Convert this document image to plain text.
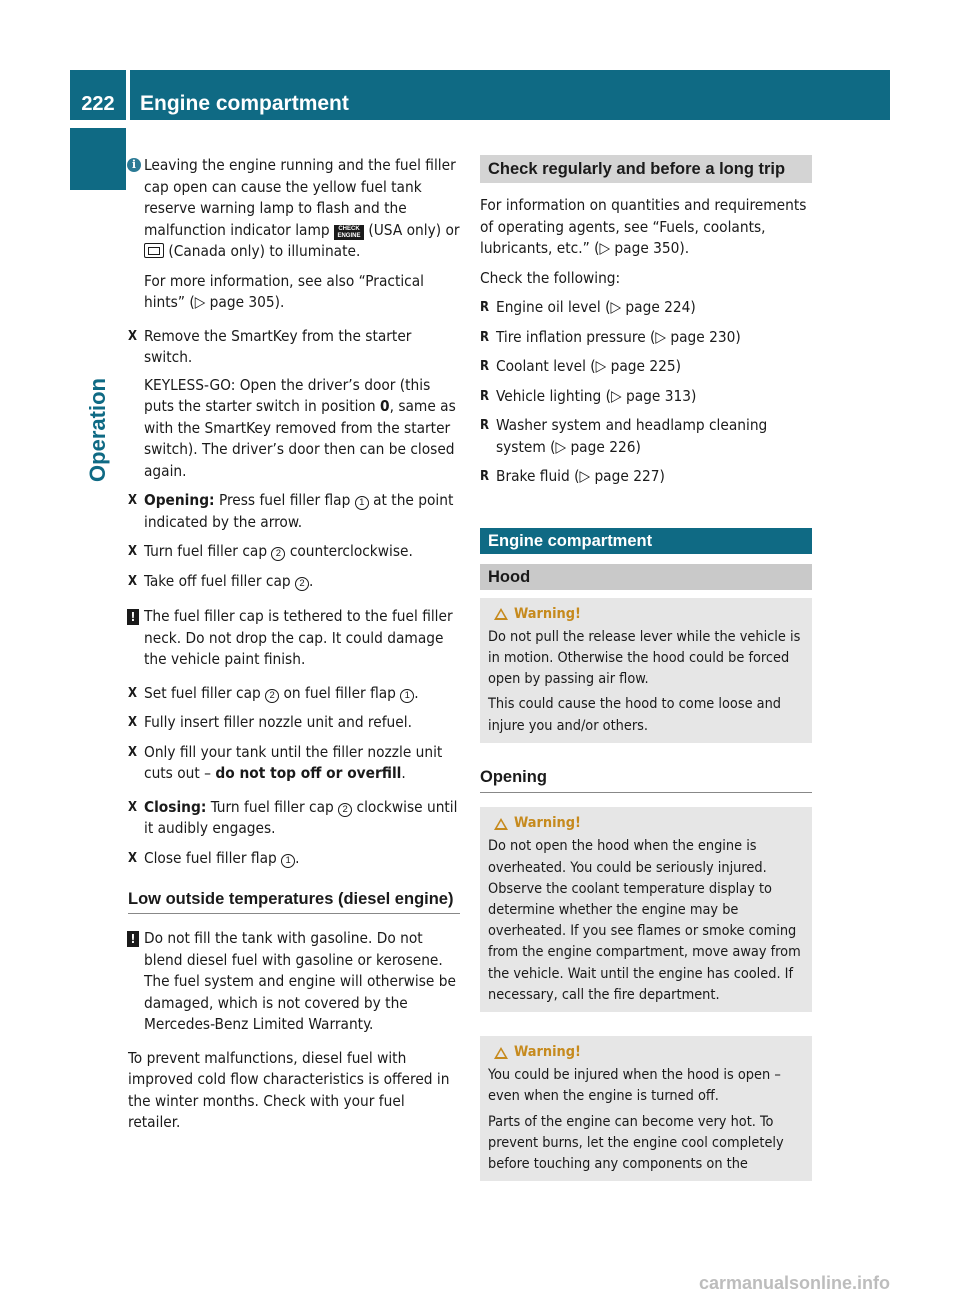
222	Engine compartment
Operation
i Leaving the engine running and the fuel filler cap open can cause the yellow fuel tank reserve warning lamp to flash and the malfunction indicator lamp CHECK ENGINE (USA only) or  (Canada only) to illuminate.

For more information, see also “Practical hints” (▷ page 305).

X Remove the SmartKey from the starter switch.

KEYLESS-GO: Open the driver’s door (this puts the starter switch in position 0, same as with the SmartKey removed from the starter switch). The driver’s door then can be closed again.

X Opening: Press fuel filler flap 1 at the point indicated by the arrow.

X Turn fuel filler cap 2 counterclockwise.

X Take off fuel filler cap 2 .

! The fuel filler cap is tethered to the fuel filler neck. Do not drop the cap. It could damage the vehicle paint finish.

X Set fuel filler cap 2 on fuel filler flap 1 .

X Fully insert filler nozzle unit and refuel.

X Only fill your tank until the filler nozzle unit cuts out – do not top off or overfill.

X Closing: Turn fuel filler cap 2 clockwise until it audibly engages.

X Close fuel filler flap 1 .

Low outside temperatures (diesel engine)
! Do not fill the tank with gasoline. Do not blend diesel fuel with gasoline or kerosene. The fuel system and engine will otherwise be damaged, which is not covered by the Mercedes-Benz Limited Warranty.

To prevent malfunctions, diesel fuel with improved cold flow characteristics is offered in the winter months. Check with your fuel retailer.

Check regularly and before a long trip

For information on quantities and requirements of operating agents, see “Fuels, coolants, lubricants, etc.” (▷ page 350).

Check the following:

R Engine oil level (▷ page 224)
R Tire inflation pressure (▷ page 230)
R Coolant level (▷ page 225)
R Vehicle lighting (▷ page 313)
R Washer system and headlamp cleaning system (▷ page 226)
R Brake fluid (▷ page 227)
Engine compartment
Hood
Warning!

Do not pull the release lever while the vehicle is in motion. Otherwise the hood could be forced open by passing air flow.

This could cause the hood to come loose and injure you and/or others.

Opening
Warning!

Do not open the hood when the engine is overheated. You could be seriously injured. Observe the coolant temperature display to determine whether the engine may be overheated. If you see flames or smoke coming from the engine compartment, move away from the vehicle. Wait until the engine has cooled. If necessary, call the fire department.

Warning!

You could be injured when the hood is open – even when the engine is turned off.

Parts of the engine can become very hot. To prevent burns, let the engine cool completely before touching any components on the

carmanualsonline.info
